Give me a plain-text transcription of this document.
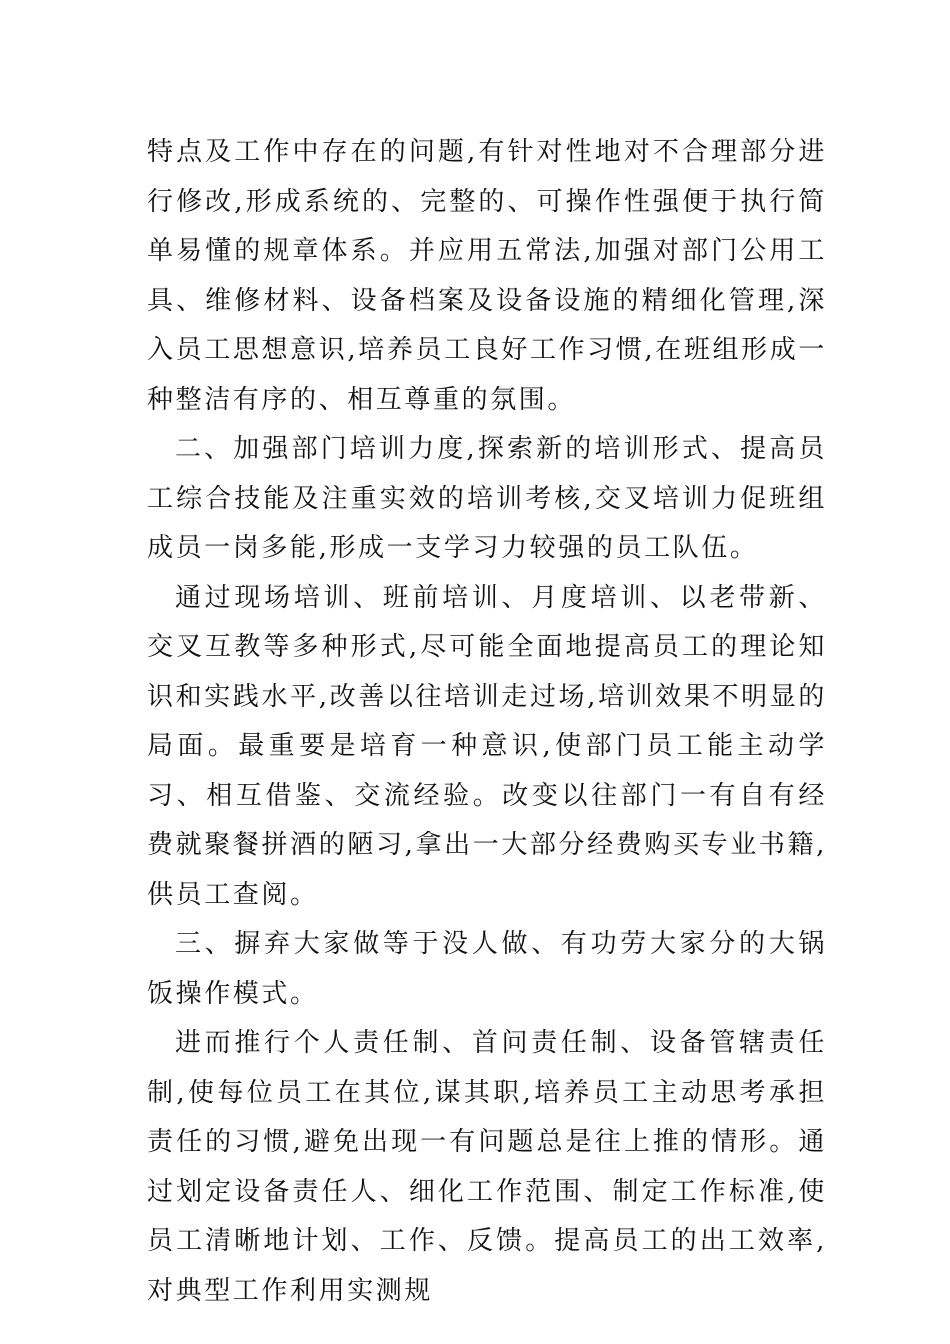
特点及工作中存在的问题,有针对性地对不合理部分进行修改,形成系统的、完整的、可操作性强便于执行简单易懂的规章体系。并应用五常法,加强对部门公用工具、维修材料、设备档案及设备设施的精细化管理,深入员工思想意识,培养员工良好工作习惯,在班组形成一种整洁有序的、相互尊重的氛围。

二、加强部门培训力度,探索新的培训形式、提高员工综合技能及注重实效的培训考核,交叉培训力促班组成员一岗多能,形成一支学习力较强的员工队伍。

通过现场培训、班前培训、月度培训、以老带新、交叉互教等多种形式,尽可能全面地提高员工的理论知识和实践水平,改善以往培训走过场,培训效果不明显的局面。最重要是培育一种意识,使部门员工能主动学习、相互借鉴、交流经验。改变以往部门一有自有经费就聚餐拼酒的陋习,拿出一大部分经费购买专业书籍,供员工查阅。

三、摒弃大家做等于没人做、有功劳大家分的大锅饭操作模式。

进而推行个人责任制、首问责任制、设备管辖责任制,使每位员工在其位,谋其职,培养员工主动思考承担责任的习惯,避免出现一有问题总是往上推的情形。通过划定设备责任人、细化工作范围、制定工作标准,使员工清晰地计划、工作、反馈。提高员工的出工效率,对典型工作利用实测规
